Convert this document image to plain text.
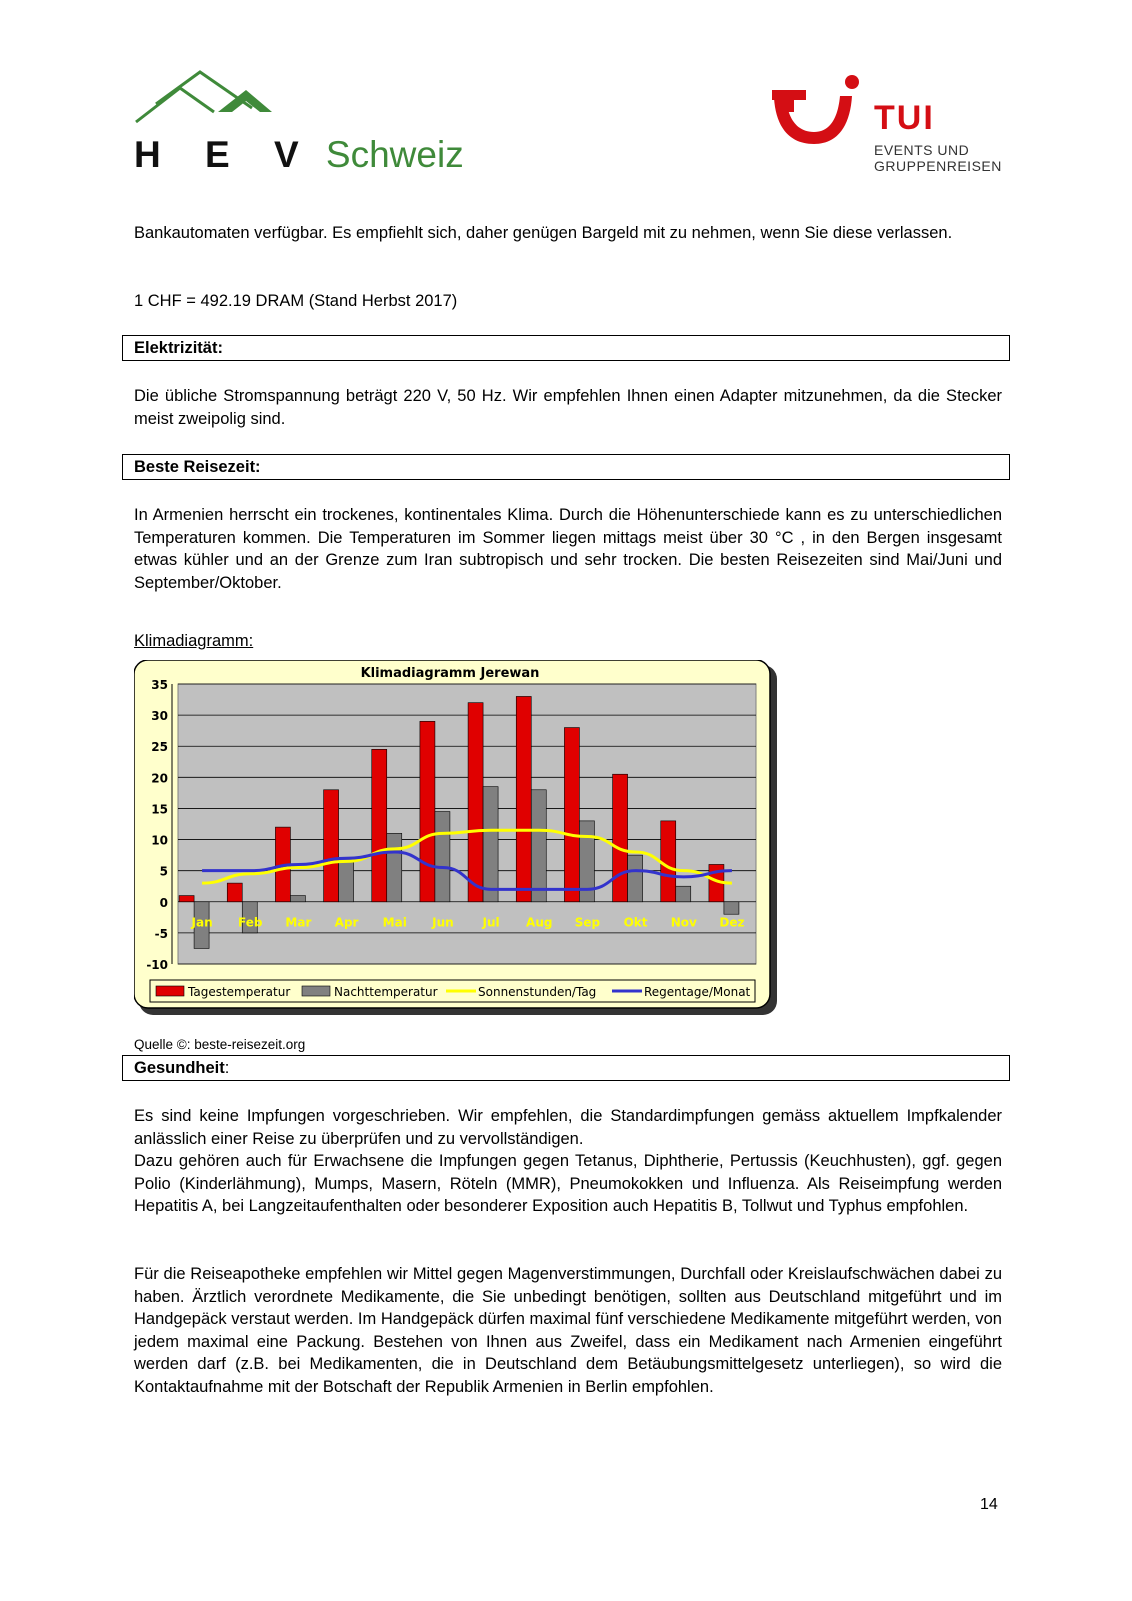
H E V Schweiz
TUI
EVENTS UND
GRUPPENREISEN
Bankautomaten verfügbar. Es empfiehlt sich, daher genügen Bargeld mit zu nehmen, wenn Sie diese verlassen.
1 CHF = 492.19 DRAM (Stand Herbst 2017)
Elektrizität:
Die übliche Stromspannung beträgt 220 V, 50 Hz. Wir empfehlen Ihnen einen Adapter mitzunehmen, da die Stecker meist zweipolig sind.
Beste Reisezeit:
In Armenien herrscht ein trockenes, kontinentales Klima. Durch die Höhenunterschiede kann es zu unterschiedlichen Temperaturen kommen. Die Temperaturen im Sommer liegen mittags meist über 30 °C , in den Bergen insgesamt etwas kühler und an der Grenze zum Iran subtropisch und sehr trocken. Die besten Reisezeiten sind Mai/Juni und September/Oktober.
Klimadiagramm:
Klimadiagramm Jerewan
35
30
25
20
15
10
5
0
-5
-10
Jan Feb Mar Apr Mai Jun Jul Aug Sep Okt Nov Dez
Tagestemperatur	Nachttemperatur	Sonnenstunden/Tag	Regentage/Monat
Quelle ©: beste-reisezeit.org
Gesundheit:
Es sind keine Impfungen vorgeschrieben. Wir empfehlen, die Standardimpfungen gemäss aktuellem Impfkalender anlässlich einer Reise zu überprüfen und zu vervollständigen.
Dazu gehören auch für Erwachsene die Impfungen gegen Tetanus, Diphtherie, Pertussis (Keuchhusten), ggf. gegen Polio (Kinderlähmung), Mumps, Masern, Röteln (MMR), Pneumokokken und Influenza. Als Reiseimpfung werden Hepatitis A, bei Langzeitaufenthalten oder besonderer Exposition auch Hepatitis B, Tollwut und Typhus empfohlen.
Für die Reiseapotheke empfehlen wir Mittel gegen Magenverstimmungen, Durchfall oder Kreislaufschwächen dabei zu haben. Ärztlich verordnete Medikamente, die Sie unbedingt benötigen, sollten aus Deutschland mitgeführt und im Handgepäck verstaut werden. Im Handgepäck dürfen maximal fünf verschiedene Medikamente mitgeführt werden, von jedem maximal eine Packung. Bestehen von Ihnen aus Zweifel, dass ein Medikament nach Armenien eingeführt werden darf (z.B. bei Medikamenten, die in Deutschland dem Betäubungsmittelgesetz unterliegen), so wird die Kontaktaufnahme mit der Botschaft der Republik Armenien in Berlin empfohlen.
14
